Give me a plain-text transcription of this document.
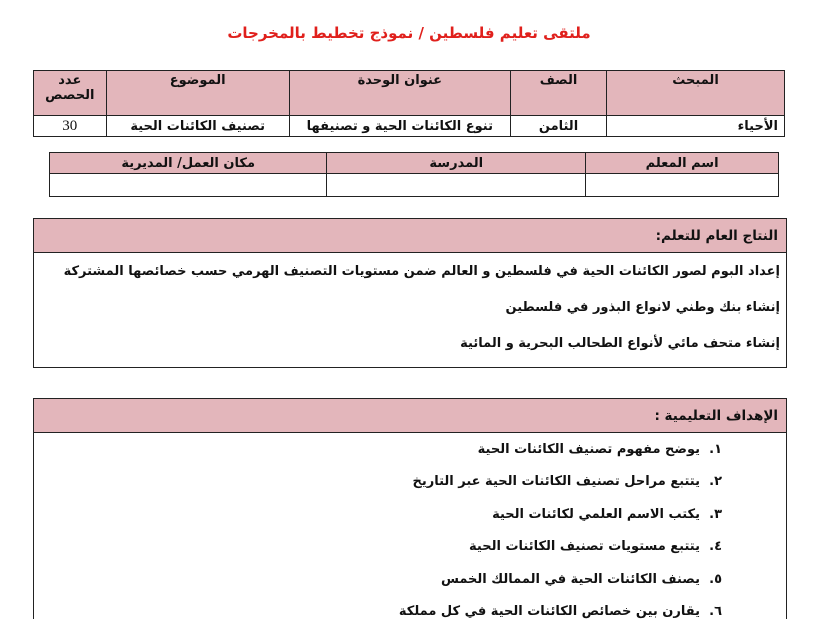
ملتقى تعليم فلسطين / نموذج تخطيط بالمخرجات
المبحث	الصف	عنوان الوحدة	الموضوع	عدد الحصص
الأحياء	الثامن	تنوع الكائنات الحية و تصنيفها	تصنيف الكائنات الحية	30
اسم المعلم	المدرسة	مكان العمل/ المديرية

النتاج العام للتعلم:
إعداد البوم لصور الكائنات الحية في فلسطين و العالم ضمن مستويات التصنيف الهرمي حسب خصائصها المشتركة
إنشاء بنك وطني لانواع البذور في فلسطين
إنشاء متحف مائي لأنواع الطحالب البحرية و المائية
الإهداف التعليمية :
١.
يوضح مفهوم تصنيف الكائنات الحية
٢.
يتتبع مراحل تصنيف الكائنات الحية عبر التاريخ
٣.
يكتب الاسم العلمي لكائنات الحية
٤.
يتتبع مستويات تصنيف الكائنات الحية
٥.
يصنف الكائنات الحية في الممالك الخمس
٦.
يقارن بين خصائص الكائنات الحية في كل مملكة
